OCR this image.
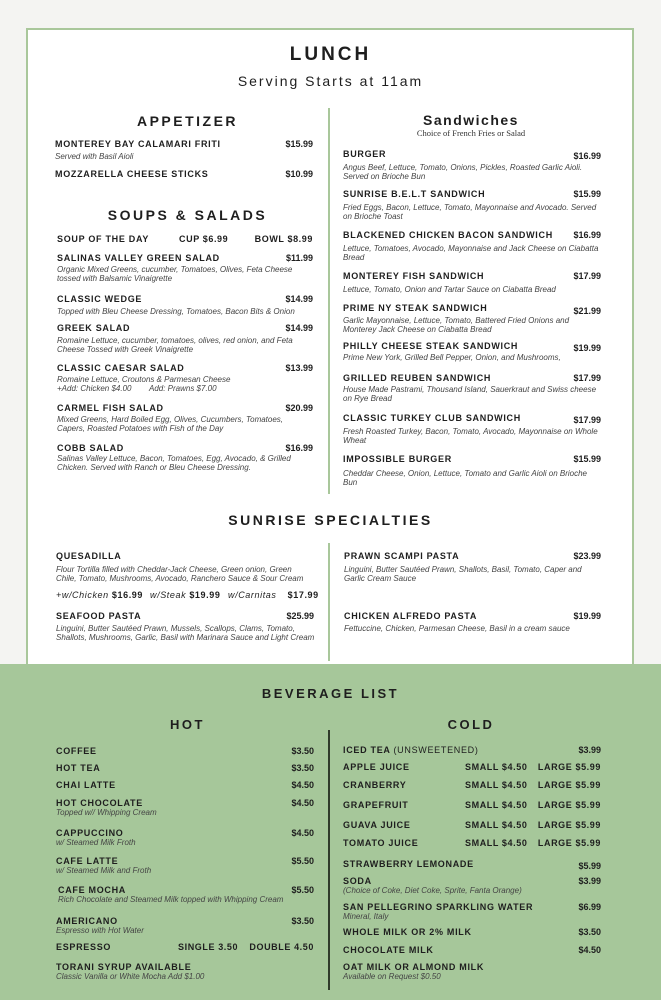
LUNCH
Serving Starts at 11am
APPETIZER
MONTEREY BAY CALAMARI FRITI	$15.99
Served with Basil Aioli
MOZZARELLA CHEESE STICKS	$10.99
SOUPS & SALADS
SOUP OF THE DAY	CUP $6.99	BOWL $8.99
SALINAS VALLEY GREEN SALAD	$11.99
Organic Mixed Greens, cucumber, Tomatoes, Olives, Feta Cheese tossed with Balsamic Vinaigrette
CLASSIC WEDGE	$14.99
Topped with Bleu Cheese Dressing, Tomatoes, Bacon Bits & Onion
GREEK SALAD	$14.99
Romaine Lettuce, cucumber, tomatoes, olives, red onion, and Feta Cheese Tossed with Greek Vinaigrette
CLASSIC CAESAR SALAD	$13.99
Romaine Lettuce, Croutons & Parmesan Cheese
+Add: Chicken $4.00        Add: Prawns $7.00
CARMEL FISH SALAD	$20.99
Mixed Greens, Hard Boiled Egg, Olives, Cucumbers, Tomatoes, Capers, Roasted Potatoes with Fish of the Day
COBB SALAD	$16.99
Salinas Valley Lettuce, Bacon, Tomatoes, Egg, Avocado, & Grilled Chicken. Served with Ranch or Bleu Cheese Dressing.
Sandwiches
Choice of French Fries or Salad
BURGER	$16.99
Angus Beef, Lettuce, Tomato, Onions, Pickles, Roasted Garlic Aioli. Served on Brioche Bun
SUNRISE B.E.L.T SANDWICH	$15.99
Fried Eggs, Bacon, Lettuce, Tomato, Mayonnaise and Avocado. Served on Brioche Toast
BLACKENED CHICKEN BACON SANDWICH $16.99
Lettuce, Tomatoes, Avocado, Mayonnaise and Jack Cheese on Ciabatta Bread
MONTEREY FISH SANDWICH	$17.99
Lettuce, Tomato, Onion and Tartar Sauce on Ciabatta Bread
PRIME NY STEAK SANDWICH	$21.99
Garlic Mayonnaise, Lettuce, Tomato, Battered Fried Onions and Monterey Jack Cheese on Ciabatta Bread
PHILLY CHEESE STEAK SANDWICH	$19.99
Prime New York, Grilled Bell Pepper, Onion, and Mushrooms,
GRILLED REUBEN SANDWICH	$17.99
House Made Pastrami, Thousand Island, Sauerkraut and Swiss cheese on Rye Bread
CLASSIC TURKEY CLUB SANDWICH	$17.99
Fresh Roasted Turkey, Bacon, Tomato, Avocado, Mayonnaise on Whole Wheat
IMPOSSIBLE BURGER	$15.99
Cheddar Cheese, Onion, Lettuce, Tomato and Garlic Aioli on Brioche Bun
SUNRISE SPECIALTIES
QUESADILLA
Flour Tortilla filled with Cheddar-Jack Cheese, Green onion, Green Chile, Tomato, Mushrooms, Avocado, Ranchero Sauce & Sour Cream
+w/Chicken $16.99 w/Steak $19.99 w/Carnitas $17.99
SEAFOOD PASTA	$25.99
Linguini, Butter Sautéed Prawn, Mussels, Scallops, Clams, Tomato, Shallots, Mushrooms, Garlic, Basil with Marinara Sauce and Light Cream
PRAWN SCAMPI PASTA	$23.99
Linguini, Butter Sautéed Prawn, Shallots, Basil, Tomato, Caper and Garlic Cream Sauce
CHICKEN ALFREDO PASTA	$19.99
Fettuccine, Chicken, Parmesan Cheese, Basil in a cream sauce
BEVERAGE LIST
HOT	COLD
COFFEE	$3.50
HOT TEA	$3.50
CHAI LATTE	$4.50
HOT CHOCOLATE	$4.50
Topped w// Whipping Cream
CAPPUCCINO	$4.50
w/ Steamed Milk Froth
CAFE LATTE	$5.50
w/ Steamed Milk and Froth
CAFE MOCHA	$5.50
Rich Chocolate and Steamed Milk topped with Whipping Cream
AMERICANO	$3.50
Espresso with Hot Water
ESPRESSO	SINGLE 3.50 DOUBLE 4.50
TORANI SYRUP AVAILABLE
Classic Vanilla or White Mocha Add $1.00
ICED TEA (UNSWEETENED)	$3.99
APPLE JUICE	SMALL $4.50 LARGE $5.99
CRANBERRY	SMALL $4.50 LARGE $5.99
GRAPEFRUIT	SMALL $4.50 LARGE $5.99
GUAVA JUICE	SMALL $4.50 LARGE $5.99
TOMATO JUICE	SMALL $4.50 LARGE $5.99
STRAWBERRY LEMONADE	$5.99
SODA	$3.99
(Choice of Coke, Diet Coke, Sprite, Fanta Orange)
SAN PELLEGRINO SPARKLING WATER	$6.99
Mineral, Italy
WHOLE MILK OR 2% MILK	$3.50
CHOCOLATE MILK	$4.50
OAT MILK OR ALMOND MILK
Available on Request $0.50
